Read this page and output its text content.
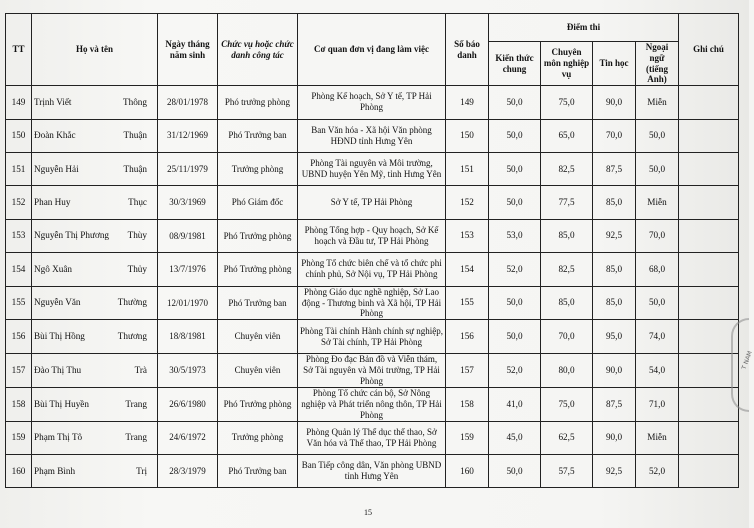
TT	Họ và tên	Ngày tháng năm sinh	Chức vụ hoặc chức danh công tác	Cơ quan đơn vị đang làm việc	Số báo danh	Điểm thi				Ghi chú
						Kiến thức chung	Chuyên môn nghiệp vụ	Tin học	Ngoại ngữ (tiếng Anh)	
149	Trịnh Viết Thông	28/01/1978	Phó trưởng phòng	Phòng Kế hoạch, Sở Y tế, TP Hải Phòng	149	50,0	75,0	90,0	Miễn	
150	Đoàn Khắc Thuận	31/12/1969	Phó Trưởng ban	Ban Văn hóa - Xã hội Văn phòng HĐND tỉnh Hưng Yên	150	50,0	65,0	70,0	50,0	
151	Nguyễn Hải Thuận	25/11/1979	Trưởng phòng	Phòng Tài nguyên và Môi trường, UBND huyện Yên Mỹ, tỉnh Hưng Yên	151	50,0	82,5	87,5	50,0	
152	Phan Huy Thục	30/3/1969	Phó Giám đốc	Sở Y tế, TP Hải Phòng	152	50,0	77,5	85,0	Miễn	
153	Nguyễn Thị Phương Thùy	08/9/1981	Phó Trưởng phòng	Phòng Tổng hợp - Quy hoạch, Sở Kế hoạch và Đầu tư, TP Hải Phòng	153	53,0	85,0	92,5	70,0	
154	Ngô Xuân Thủy	13/7/1976	Phó Trưởng phòng	Phòng Tổ chức biên chế và tổ chức phi chính phủ, Sở Nội vụ, TP Hải Phòng	154	52,0	82,5	85,0	68,0	
155	Nguyễn Văn Thường	12/01/1970	Phó Trưởng ban	Phòng Giáo dục nghề nghiệp, Sở Lao động - Thương binh và Xã hội, TP Hải Phòng	155	50,0	85,0	85,0	50,0	
156	Bùi Thị Hồng Thương	18/8/1981	Chuyên viên	Phòng Tài chính Hành chính sự nghiệp, Sở Tài chính, TP Hải Phòng	156	50,0	70,0	95,0	74,0	
157	Đào Thị Thu Trà	30/5/1973	Chuyên viên	Phòng Đo đạc Bản đồ và Viễn thám, Sở Tài nguyên và Môi trường, TP Hải Phòng	157	52,0	80,0	90,0	54,0	
158	Bùi Thị Huyền Trang	26/6/1980	Phó Trưởng phòng	Phòng Tổ chức cán bộ, Sở Nông nghiệp và Phát triển nông thôn, TP Hải Phòng	158	41,0	75,0	87,5	71,0	
159	Phạm Thị Tô Trang	24/6/1972	Trưởng phòng	Phòng Quản lý Thể dục thể thao, Sở Văn hóa và Thể thao, TP Hải Phòng	159	45,0	62,5	90,0	Miễn	
160	Phạm Bình Trị	28/3/1979	Phó Trưởng ban	Ban Tiếp công dân, Văn phòng UBND tỉnh Hưng Yên	160	50,0	57,5	92,5	52,0	
15
T NAM
